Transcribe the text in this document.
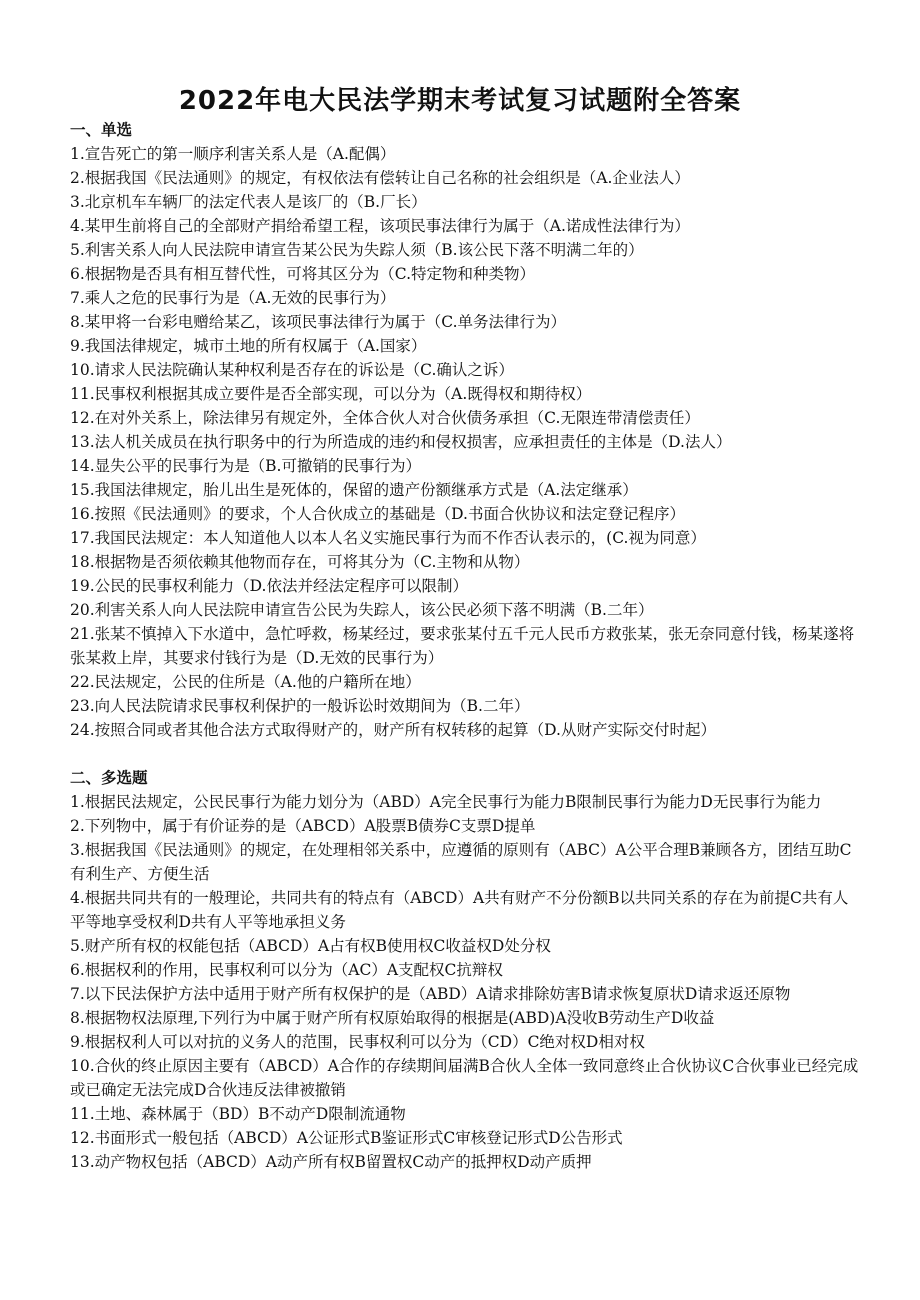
2022年电大民法学期末考试复习试题附全答案
一、单选
1.宣告死亡的第一顺序利害关系人是（A.配偶）
2.根据我国《民法通则》的规定，有权依法有偿转让自己名称的社会组织是（A.企业法人）
3.北京机车车辆厂的法定代表人是该厂的（B.厂长）
4.某甲生前将自己的全部财产捐给希望工程，该项民事法律行为属于（A.诺成性法律行为）
5.利害关系人向人民法院申请宣告某公民为失踪人须（B.该公民下落不明满二年的）
6.根据物是否具有相互替代性，可将其区分为（C.特定物和种类物）
7.乘人之危的民事行为是（A.无效的民事行为）
8.某甲将一台彩电赠给某乙，该项民事法律行为属于（C.单务法律行为）
9.我国法律规定，城市土地的所有权属于（A.国家）
10.请求人民法院确认某种权利是否存在的诉讼是（C.确认之诉）
11.民事权利根据其成立要件是否全部实现，可以分为（A.既得权和期待权）
12.在对外关系上，除法律另有规定外，全体合伙人对合伙债务承担（C.无限连带清偿责任）
13.法人机关成员在执行职务中的行为所造成的违约和侵权损害，应承担责任的主体是（D.法人）
14.显失公平的民事行为是（B.可撤销的民事行为）
15.我国法律规定，胎儿出生是死体的，保留的遗产份额继承方式是（A.法定继承）
16.按照《民法通则》的要求，个人合伙成立的基础是（D.书面合伙协议和法定登记程序）
17.我国民法规定：本人知道他人以本人名义实施民事行为而不作否认表示的，(C.视为同意）
18.根据物是否须依赖其他物而存在，可将其分为（C.主物和从物）
19.公民的民事权利能力（D.依法并经法定程序可以限制）
20.利害关系人向人民法院申请宣告公民为失踪人，该公民必须下落不明满（B.二年）
21.张某不慎掉入下水道中，急忙呼救，杨某经过，要求张某付五千元人民币方救张某，张无奈同意付钱，杨某遂将张某救上岸，其要求付钱行为是（D.无效的民事行为）
22.民法规定，公民的住所是（A.他的户籍所在地）
23.向人民法院请求民事权利保护的一般诉讼时效期间为（B.二年）
24.按照合同或者其他合法方式取得财产的，财产所有权转移的起算（D.从财产实际交付时起）
二、多选题
1.根据民法规定，公民民事行为能力划分为（ABD）A完全民事行为能力B限制民事行为能力D无民事行为能力
2.下列物中，属于有价证券的是（ABCD）A股票B债券C支票D提单
3.根据我国《民法通则》的规定，在处理相邻关系中，应遵循的原则有（ABC）A公平合理B兼顾各方，团结互助C有利生产、方便生活
4.根据共同共有的一般理论，共同共有的特点有（ABCD）A共有财产不分份额B以共同关系的存在为前提C共有人平等地享受权利D共有人平等地承担义务
5.财产所有权的权能包括（ABCD）A占有权B使用权C收益权D处分权
6.根据权利的作用，民事权利可以分为（AC）A支配权C抗辩权
7.以下民法保护方法中适用于财产所有权保护的是（ABD）A请求排除妨害B请求恢复原状D请求返还原物
8.根据物权法原理,下列行为中属于财产所有权原始取得的根据是(ABD)A没收B劳动生产D收益
9.根据权利人可以对抗的义务人的范围，民事权利可以分为（CD）C绝对权D相对权
10.合伙的终止原因主要有（ABCD）A合作的存续期间届满B合伙人全体一致同意终止合伙协议C合伙事业已经完成或已确定无法完成D合伙违反法律被撤销
11.土地、森林属于（BD）B不动产D限制流通物
12.书面形式一般包括（ABCD）A公证形式B鉴证形式C审核登记形式D公告形式
13.动产物权包括（ABCD）A动产所有权B留置权C动产的抵押权D动产质押
